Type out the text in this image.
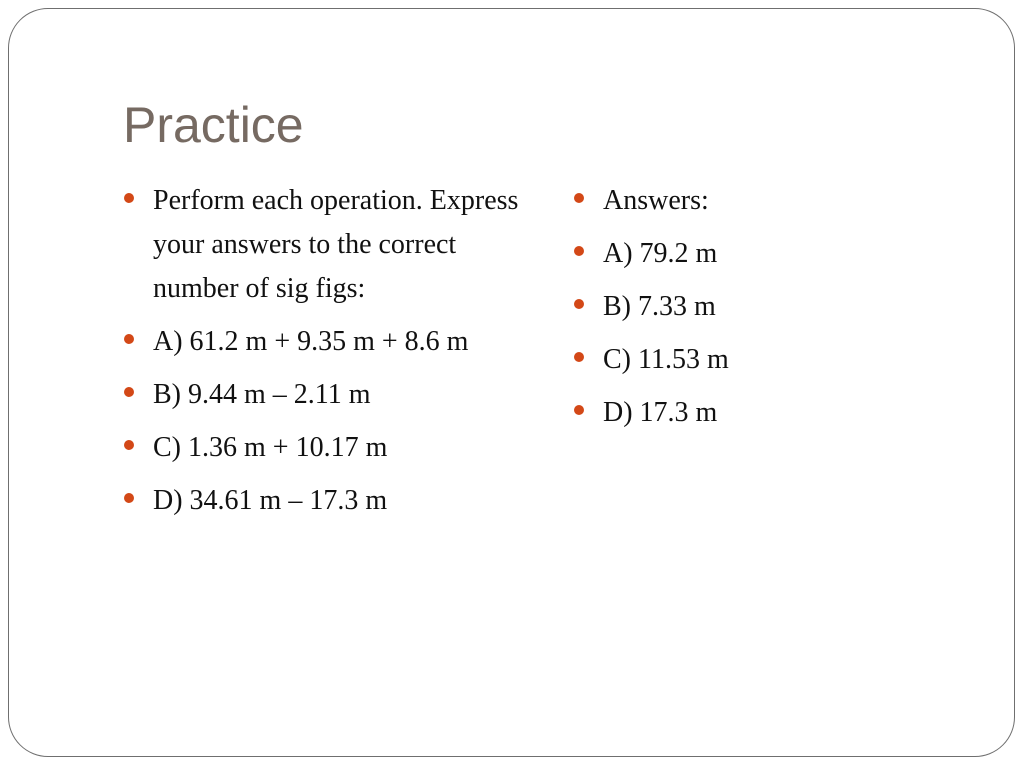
Practice
Perform each operation. Express your answers to the correct number of sig figs:
A) 61.2 m + 9.35 m + 8.6 m
B) 9.44 m – 2.11 m
C) 1.36 m + 10.17 m
D) 34.61 m – 17.3 m
Answers:
A) 79.2 m
B) 7.33 m
C) 11.53 m
D) 17.3 m
